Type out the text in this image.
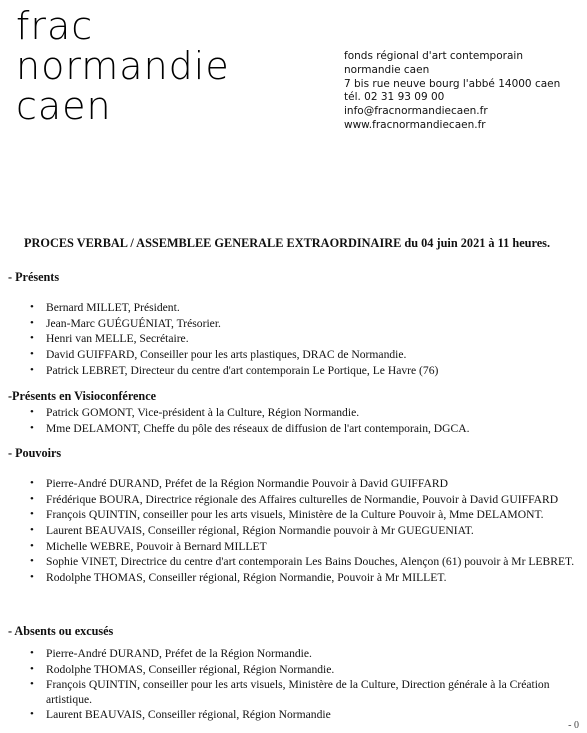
frac
normandie
caen
fonds régional d'art contemporain
normandie caen
7 bis rue neuve bourg l'abbé 14000 caen
tél. 02 31 93 09 00
info@fracnormandiecaen.fr
www.fracnormandiecaen.fr
PROCES VERBAL / ASSEMBLEE GENERALE EXTRAORDINAIRE du 04 juin 2021 à 11 heures.
- Présents
• Bernard MILLET, Président.
• Jean-Marc GUÉGUÉNIAT, Trésorier.
• Henri van MELLE, Secrétaire.
• David GUIFFARD, Conseiller pour les arts plastiques, DRAC de Normandie.
• Patrick LEBRET, Directeur du centre d'art contemporain Le Portique, Le Havre (76)
-Présents en Visioconférence
• Patrick GOMONT, Vice-président à la Culture, Région Normandie.
• Mme DELAMONT, Cheffe du pôle des réseaux de diffusion de l'art contemporain, DGCA.
- Pouvoirs
• Pierre-André DURAND, Préfet de la Région Normandie Pouvoir à David GUIFFARD
• Frédérique BOURA, Directrice régionale des Affaires culturelles de Normandie, Pouvoir à David GUIFFARD
• François QUINTIN, conseiller pour les arts visuels, Ministère de la Culture Pouvoir à, Mme DELAMONT.
• Laurent BEAUVAIS, Conseiller régional, Région Normandie pouvoir à Mr GUEGUENIAT.
• Michelle WEBRE, Pouvoir à Bernard MILLET
• Sophie VINET, Directrice du centre d'art contemporain Les Bains Douches, Alençon (61) pouvoir à Mr LEBRET.
• Rodolphe THOMAS, Conseiller régional, Région Normandie, Pouvoir à Mr MILLET.
- Absents ou excusés
• Pierre-André DURAND, Préfet de la Région Normandie.
• Rodolphe THOMAS, Conseiller régional, Région Normandie.
• François QUINTIN, conseiller pour les arts visuels, Ministère de la Culture, Direction générale à la Création artistique.
• Laurent BEAUVAIS, Conseiller régional, Région Normandie
- 0
